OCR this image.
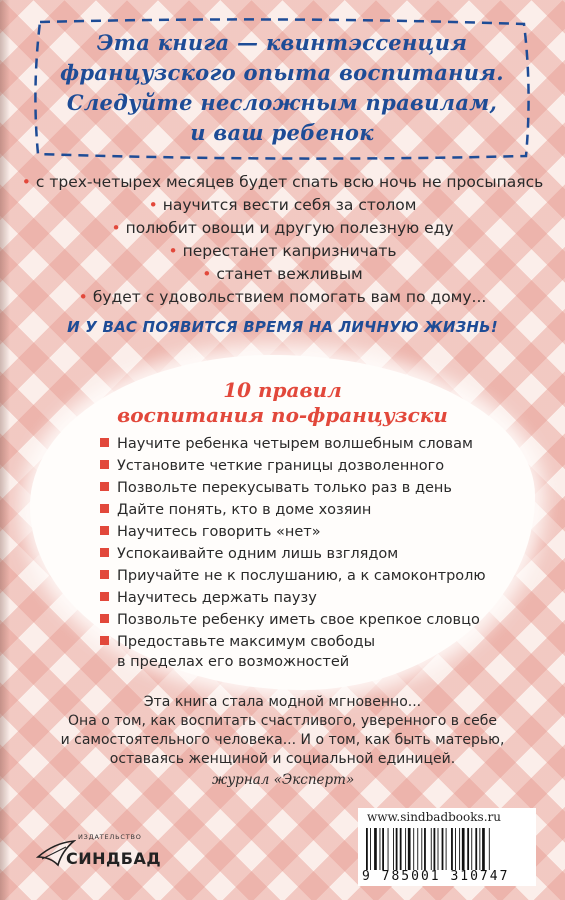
Эта книга — квинтэссенция
французского опыта воспитания.
Следуйте несложным правилам,
и ваш ребенок
• с трех-четырех месяцев будет спать всю ночь не просыпаясь
• научится вести себя за столом
• полюбит овощи и другую полезную еду
• перестанет капризничать
• станет вежливым
• будет с удовольствием помогать вам по дому...
И У ВАС ПОЯВИТСЯ ВРЕМЯ НА ЛИЧНУЮ ЖИЗНЬ!
10 правил
воспитания по-французски
Научите ребенка четырем волшебным словам
Установите четкие границы дозволенного
Позвольте перекусывать только раз в день
Дайте понять, кто в доме хозяин
Научитесь говорить «нет»
Успокаивайте одним лишь взглядом
Приучайте не к послушанию, а к самоконтролю
Научитесь держать паузу
Позвольте ребенку иметь свое крепкое словцо
Предоставьте максимум свободы
в пределах его возможностей
Эта книга стала модной мгновенно...
Она о том, как воспитать счастливого, уверенного в себе
и самостоятельного человека... И о том, как быть матерью,
оставаясь женщиной и социальной единицей.
журнал «Эксперт»
ИЗДАТЕЛЬСТВО
СИНДБАД
www.sindbadbooks.ru
9 785001 310747
